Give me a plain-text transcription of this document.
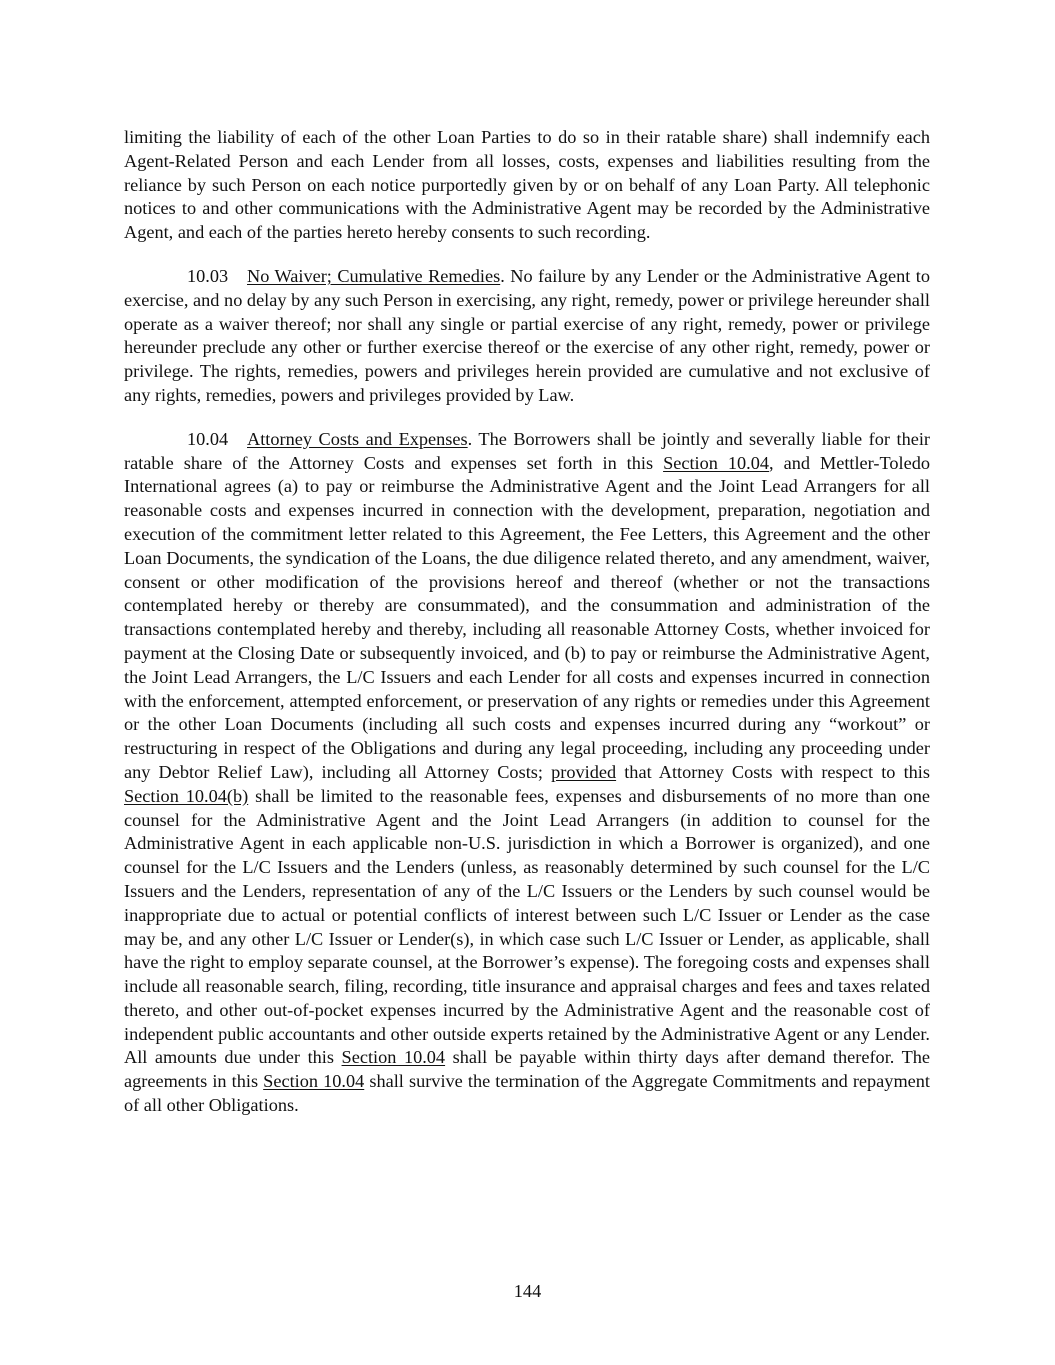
limiting the liability of each of the other Loan Parties to do so in their ratable share) shall indemnify each Agent-Related Person and each Lender from all losses, costs, expenses and liabilities resulting from the reliance by such Person on each notice purportedly given by or on behalf of any Loan Party. All telephonic notices to and other communications with the Administrative Agent may be recorded by the Administrative Agent, and each of the parties hereto hereby consents to such recording.

10.03 No Waiver; Cumulative Remedies. No failure by any Lender or the Administrative Agent to exercise, and no delay by any such Person in exercising, any right, remedy, power or privilege hereunder shall operate as a waiver thereof; nor shall any single or partial exercise of any right, remedy, power or privilege hereunder preclude any other or further exercise thereof or the exercise of any other right, remedy, power or privilege. The rights, remedies, powers and privileges herein provided are cumulative and not exclusive of any rights, remedies, powers and privileges provided by Law.

10.04 Attorney Costs and Expenses. The Borrowers shall be jointly and severally liable for their ratable share of the Attorney Costs and expenses set forth in this Section 10.04, and Mettler-Toledo International agrees (a) to pay or reimburse the Administrative Agent and the Joint Lead Arrangers for all reasonable costs and expenses incurred in connection with the development, preparation, negotiation and execution of the commitment letter related to this Agreement, the Fee Letters, this Agreement and the other Loan Documents, the syndication of the Loans, the due diligence related thereto, and any amendment, waiver, consent or other modification of the provisions hereof and thereof (whether or not the transactions contemplated hereby or thereby are consummated), and the consummation and administration of the transactions contemplated hereby and thereby, including all reasonable Attorney Costs, whether invoiced for payment at the Closing Date or subsequently invoiced, and (b) to pay or reimburse the Administrative Agent, the Joint Lead Arrangers, the L/C Issuers and each Lender for all costs and expenses incurred in connection with the enforcement, attempted enforcement, or preservation of any rights or remedies under this Agreement or the other Loan Documents (including all such costs and expenses incurred during any “workout” or restructuring in respect of the Obligations and during any legal proceeding, including any proceeding under any Debtor Relief Law), including all Attorney Costs; provided that Attorney Costs with respect to this Section 10.04(b) shall be limited to the reasonable fees, expenses and disbursements of no more than one counsel for the Administrative Agent and the Joint Lead Arrangers (in addition to counsel for the Administrative Agent in each applicable non-U.S. jurisdiction in which a Borrower is organized), and one counsel for the L/C Issuers and the Lenders (unless, as reasonably determined by such counsel for the L/C Issuers and the Lenders, representation of any of the L/C Issuers or the Lenders by such counsel would be inappropriate due to actual or potential conflicts of interest between such L/C Issuer or Lender as the case may be, and any other L/C Issuer or Lender(s), in which case such L/C Issuer or Lender, as applicable, shall have the right to employ separate counsel, at the Borrower’s expense). The foregoing costs and expenses shall include all reasonable search, filing, recording, title insurance and appraisal charges and fees and taxes related thereto, and other out-of-pocket expenses incurred by the Administrative Agent and the reasonable cost of independent public accountants and other outside experts retained by the Administrative Agent or any Lender. All amounts due under this Section 10.04 shall be payable within thirty days after demand therefor. The agreements in this Section 10.04 shall survive the termination of the Aggregate Commitments and repayment of all other Obligations.

144
